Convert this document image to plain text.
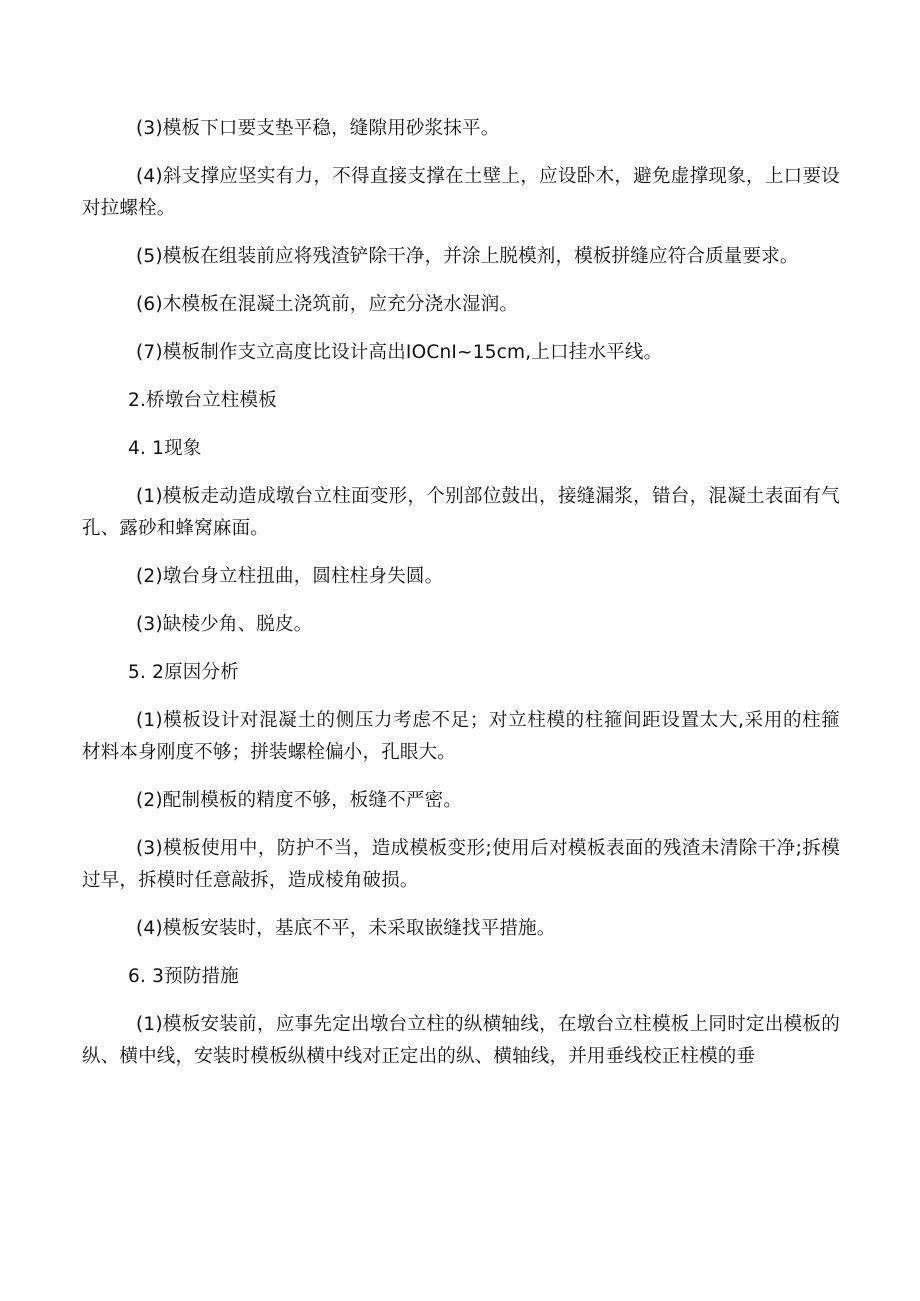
(3)模板下口要支垫平稳，缝隙用砂浆抹平。

(4)斜支撑应坚实有力，不得直接支撑在土壁上，应设卧木，避免虚撑现象，上口要设对拉螺栓。

(5)模板在组装前应将残渣铲除干净，并涂上脱模剂，模板拼缝应符合质量要求。

(6)木模板在混凝土浇筑前，应充分浇水湿润。

(7)模板制作支立高度比设计高出IOCnI~15cm,上口挂水平线。

2.桥墩台立柱模板

4. 1现象

(1)模板走动造成墩台立柱面变形，个别部位鼓出，接缝漏浆，错台，混凝土表面有气孔、露砂和蜂窝麻面。

(2)墩台身立柱扭曲，圆柱柱身失圆。

(3)缺棱少角、脱皮。

5. 2原因分析

(1)模板设计对混凝土的侧压力考虑不足；对立柱模的柱箍间距设置太大,采用的柱箍材料本身刚度不够；拼装螺栓偏小，孔眼大。

(2)配制模板的精度不够，板缝不严密。

(3)模板使用中，防护不当，造成模板变形;使用后对模板表面的残渣未清除干净;拆模过早，拆模时任意敲拆，造成棱角破损。

(4)模板安装时，基底不平，未采取嵌缝找平措施。

6. 3预防措施

(1)模板安装前，应事先定出墩台立柱的纵横轴线，在墩台立柱模板上同时定出模板的纵、横中线，安装时模板纵横中线对正定出的纵、横轴线，并用垂线校正柱模的垂
